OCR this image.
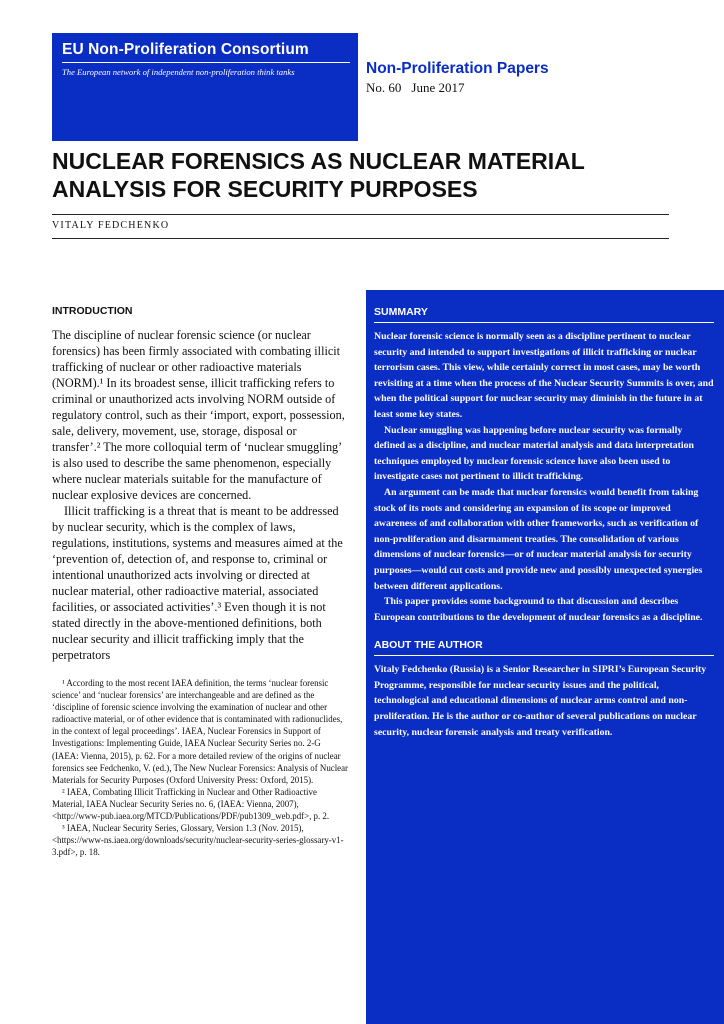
EU Non-Proliferation Consortium

The European network of independent non-proliferation think tanks	Non-Proliferation Papers

No. 60 June 2017

NUCLEAR FORENSICS AS NUCLEAR MATERIAL
ANALYSIS FOR SECURITY PURPOSES

VITALY FEDCHENKO

INTRODUCTION

The discipline of nuclear forensic science (or nuclear forensics) has been firmly associated with combating illicit trafficking of nuclear or other radioactive materials (NORM).¹ In its broadest sense, illicit trafficking refers to criminal or unauthorized acts involving NORM outside of regulatory control, such as their ‘import, export, possession, sale, delivery, movement, use, storage, disposal or transfer’.² The more colloquial term of ‘nuclear smuggling’ is also used to describe the same phenomenon, especially where nuclear materials suitable for the manufacture of nuclear explosive devices are concerned.

Illicit trafficking is a threat that is meant to be addressed by nuclear security, which is the complex of laws, regulations, institutions, systems and measures aimed at the ‘prevention of, detection of, and response to, criminal or intentional unauthorized acts involving or directed at nuclear material, other radioactive material, associated facilities, or associated activities’.³ Even though it is not stated directly in the above-mentioned definitions, both nuclear security and illicit trafficking imply that the perpetrators

¹ According to the most recent IAEA definition, the terms ‘nuclear forensic science’ and ‘nuclear forensics’ are interchangeable and are defined as the ‘discipline of forensic science involving the examination of nuclear and other radioactive material, or of other evidence that is contaminated with radionuclides, in the context of legal proceedings’. IAEA, Nuclear Forensics in Support of Investigations: Implementing Guide, IAEA Nuclear Security Series no. 2-G (IAEA: Vienna, 2015), p. 62. For a more detailed review of the origins of nuclear forensics see Fedchenko, V. (ed.), The New Nuclear Forensics: Analysis of Nuclear Materials for Security Purposes (Oxford University Press: Oxford, 2015).

² IAEA, Combating Illicit Trafficking in Nuclear and Other Radioactive Material, IAEA Nuclear Security Series no. 6, (IAEA: Vienna, 2007), <http://www-pub.iaea.org/MTCD/Publications/PDF/pub1309_web.pdf>, p. 2.

³ IAEA, Nuclear Security Series, Glossary, Version 1.3 (Nov. 2015), <https://www-ns.iaea.org/downloads/security/nuclear-security-series-glossary-v1-3.pdf>, p. 18.

SUMMARY

Nuclear forensic science is normally seen as a discipline pertinent to nuclear security and intended to support investigations of illicit trafficking or nuclear terrorism cases. This view, while certainly correct in most cases, may be worth revisiting at a time when the process of the Nuclear Security Summits is over, and when the political support for nuclear security may diminish in the future in at least some key states.

Nuclear smuggling was happening before nuclear security was formally defined as a discipline, and nuclear material analysis and data interpretation techniques employed by nuclear forensic science have also been used to investigate cases not pertinent to illicit trafficking.

An argument can be made that nuclear forensics would benefit from taking stock of its roots and considering an expansion of its scope or improved awareness of and collaboration with other frameworks, such as verification of non-proliferation and disarmament treaties. The consolidation of various dimensions of nuclear forensics—or of nuclear material analysis for security purposes—would cut costs and provide new and possibly unexpected synergies between different applications.

This paper provides some background to that discussion and describes European contributions to the development of nuclear forensics as a discipline.

ABOUT THE AUTHOR

Vitaly Fedchenko (Russia) is a Senior Researcher in SIPRI’s European Security Programme, responsible for nuclear security issues and the political, technological and educational dimensions of nuclear arms control and non-proliferation. He is the author or co-author of several publications on nuclear security, nuclear forensic analysis and treaty verification.
